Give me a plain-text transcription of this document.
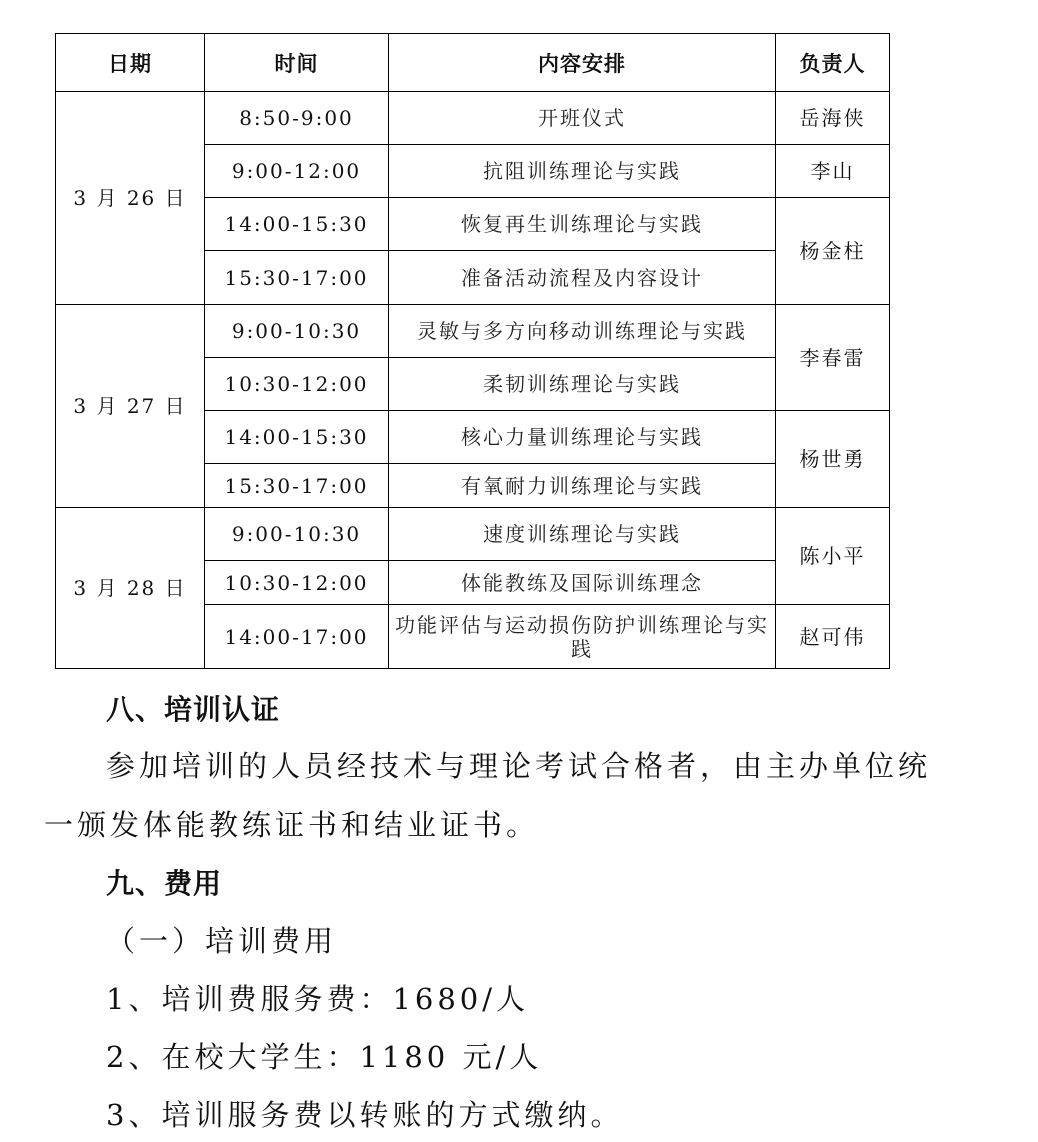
日期	时间	内容安排	负责人
3 月 26 日	8:50-9:00	开班仪式	岳海侠
	9:00-12:00	抗阻训练理论与实践	李山
	14:00-15:30	恢复再生训练理论与实践	杨金柱
	15:30-17:00	准备活动流程及内容设计	
3 月 27 日	9:00-10:30	灵敏与多方向移动训练理论与实践	李春雷
	10:30-12:00	柔韧训练理论与实践	
	14:00-15:30	核心力量训练理论与实践	杨世勇
	15:30-17:00	有氧耐力训练理论与实践	
3 月 28 日	9:00-10:30	速度训练理论与实践	陈小平
	10:30-12:00	体能教练及国际训练理念	
	14:00-17:00	功能评估与运动损伤防护训练理论与实践	赵可伟
八、培训认证
参加培训的人员经技术与理论考试合格者，由主办单位统
一颁发体能教练证书和结业证书。
九、费用
（一）培训费用
1、培训费服务费：1680/人
2、在校大学生：1180 元/人
3、培训服务费以转账的方式缴纳。
